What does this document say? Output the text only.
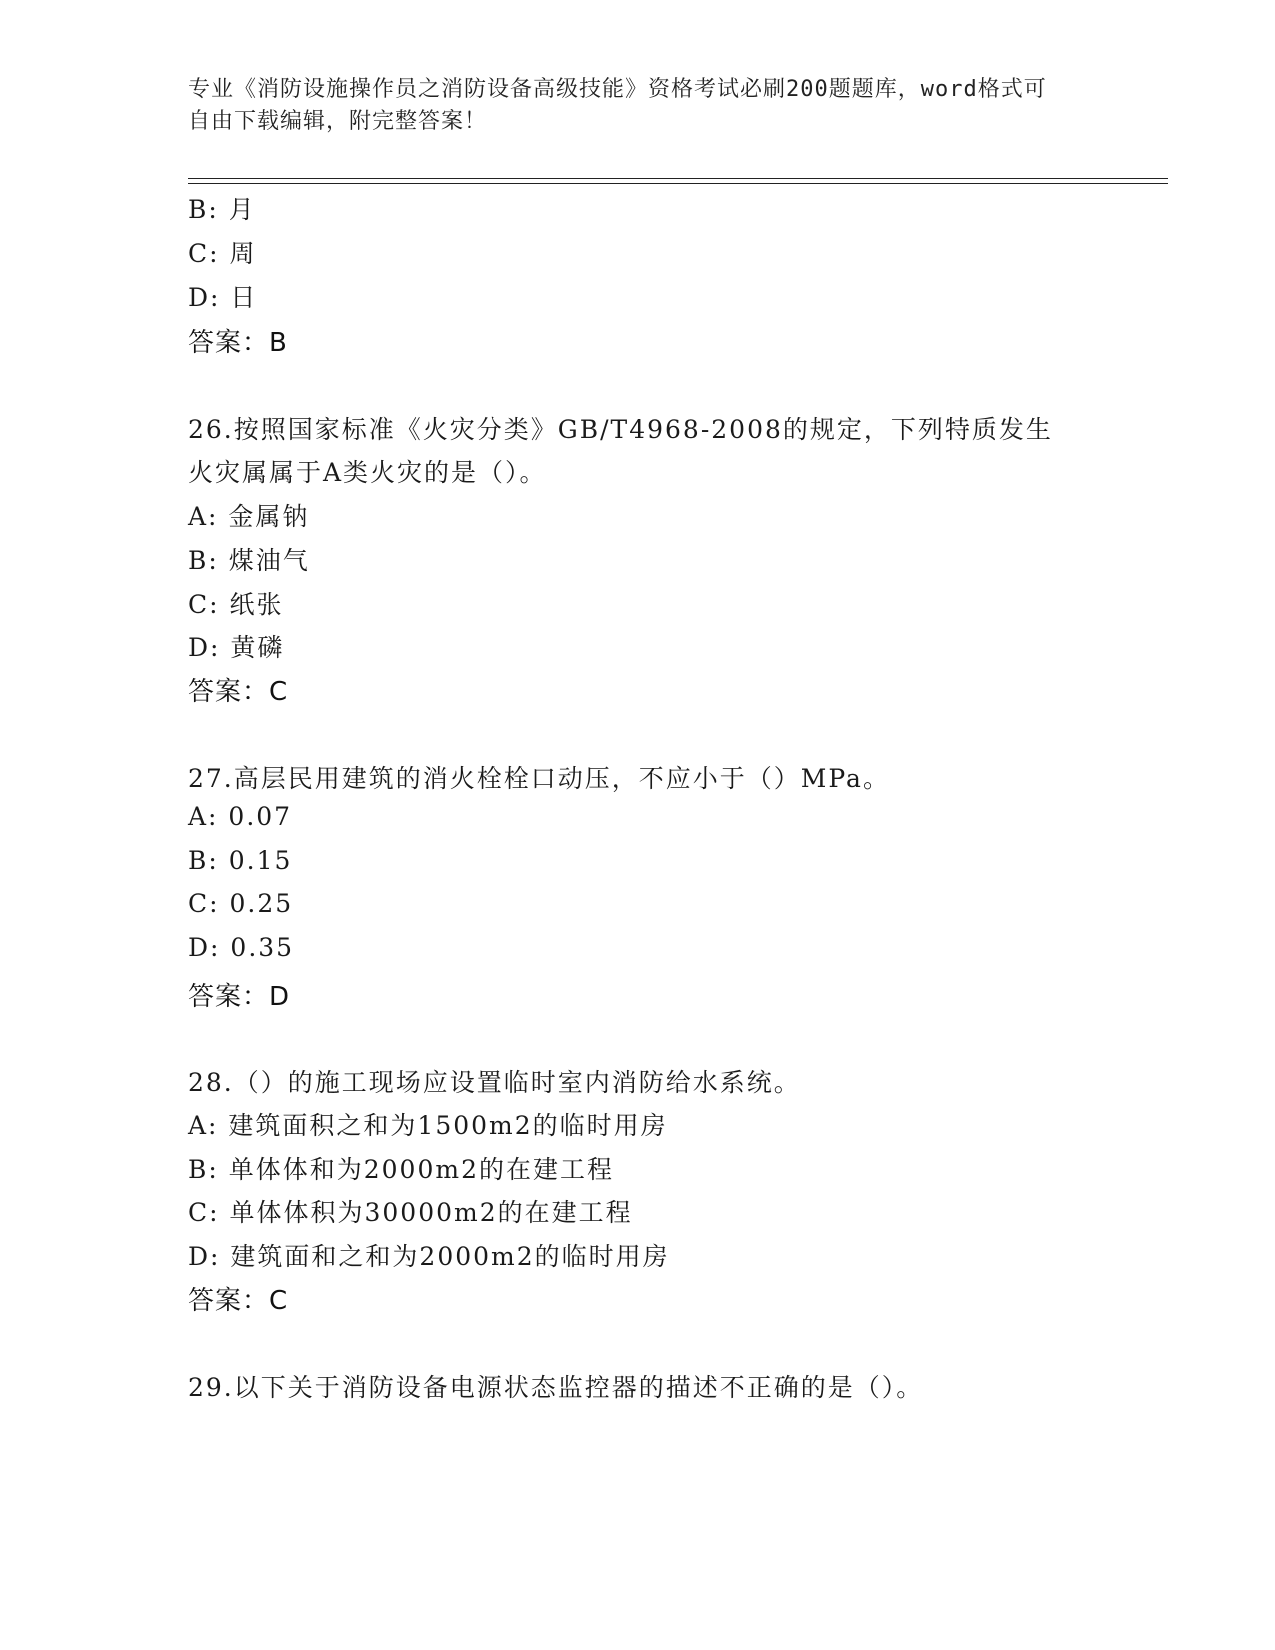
专业《消防设施操作员之消防设备高级技能》资格考试必刷200题题库，word格式可自由下载编辑，附完整答案！
B: 月
C: 周
D: 日
答案：B
26.按照国家标准《火灾分类》GB/T4968-2008的规定，下列特质发生
火灾属属于A类火灾的是（）。
A: 金属钠
B: 煤油气
C: 纸张
D: 黄磷
答案：C
27.高层民用建筑的消火栓栓口动压，不应小于（）MPa。
A: 0.07
B: 0.15
C: 0.25
D: 0.35
答案：D
28.（）的施工现场应设置临时室内消防给水系统。
A: 建筑面积之和为1500m2的临时用房
B: 单体体和为2000m2的在建工程
C: 单体体积为30000m2的在建工程
D: 建筑面和之和为2000m2的临时用房
答案：C
29.以下关于消防设备电源状态监控器的描述不正确的是（）。
